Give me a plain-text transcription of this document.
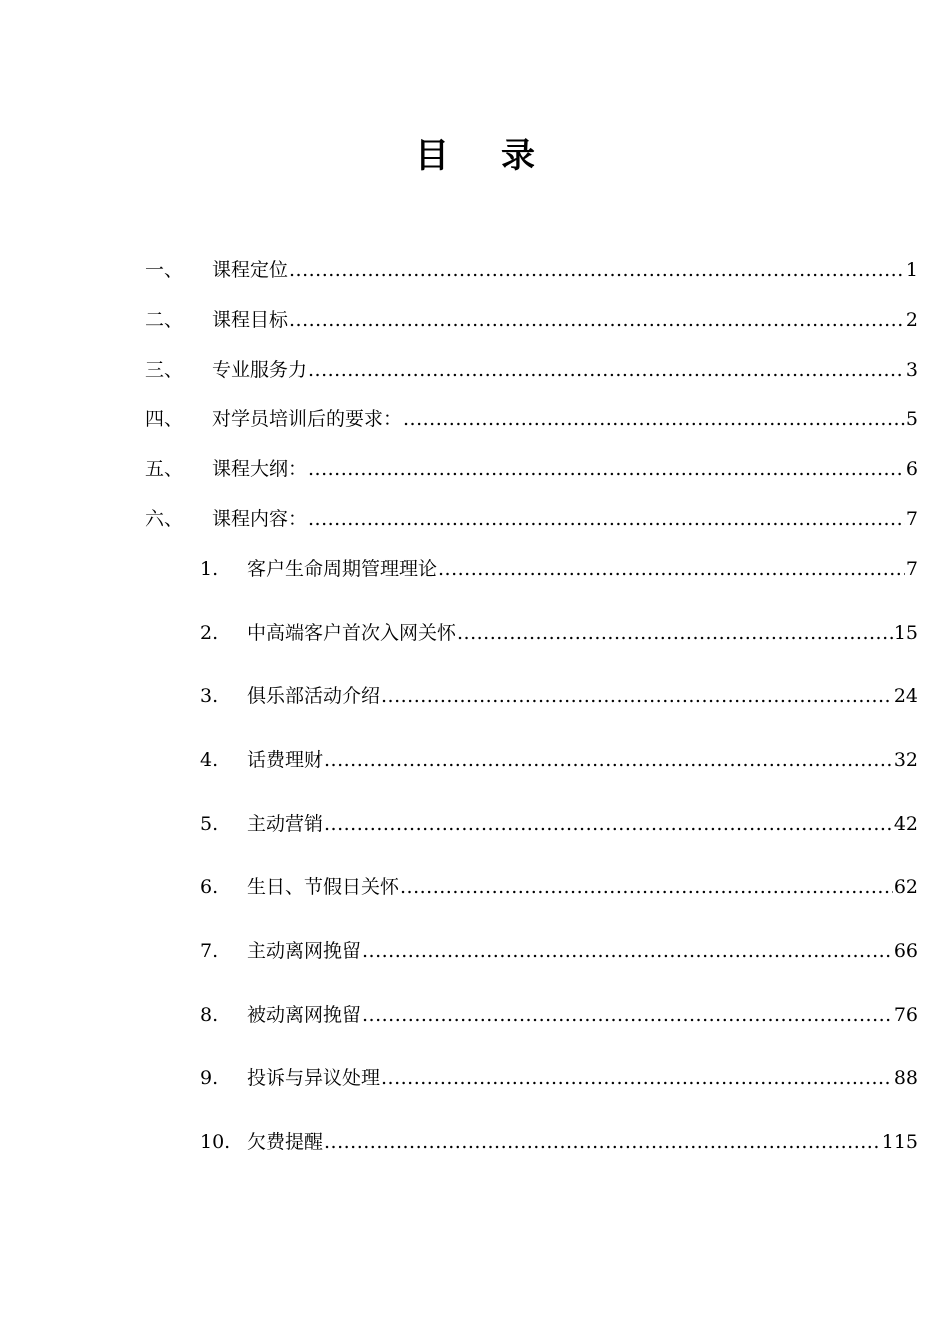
目 录
一、	课程定位 .....	1
二、	课程目标 .....	2
三、	专业服务力 .....	3
四、	对学员培训后的要求： .....	5
五、	课程大纲： .....	6
六、	课程内容： .....	7
1.	客户生命周期管理理论 .....	7
2.	中高端客户首次入网关怀 .....	15
3.	俱乐部活动介绍 .....	24
4.	话费理财 .....	32
5.	主动营销 .....	42
6.	生日、节假日关怀 .....	62
7.	主动离网挽留 .....	66
8.	被动离网挽留 .....	76
9.	投诉与异议处理 .....	88
10. 欠费提醒 .....	115
